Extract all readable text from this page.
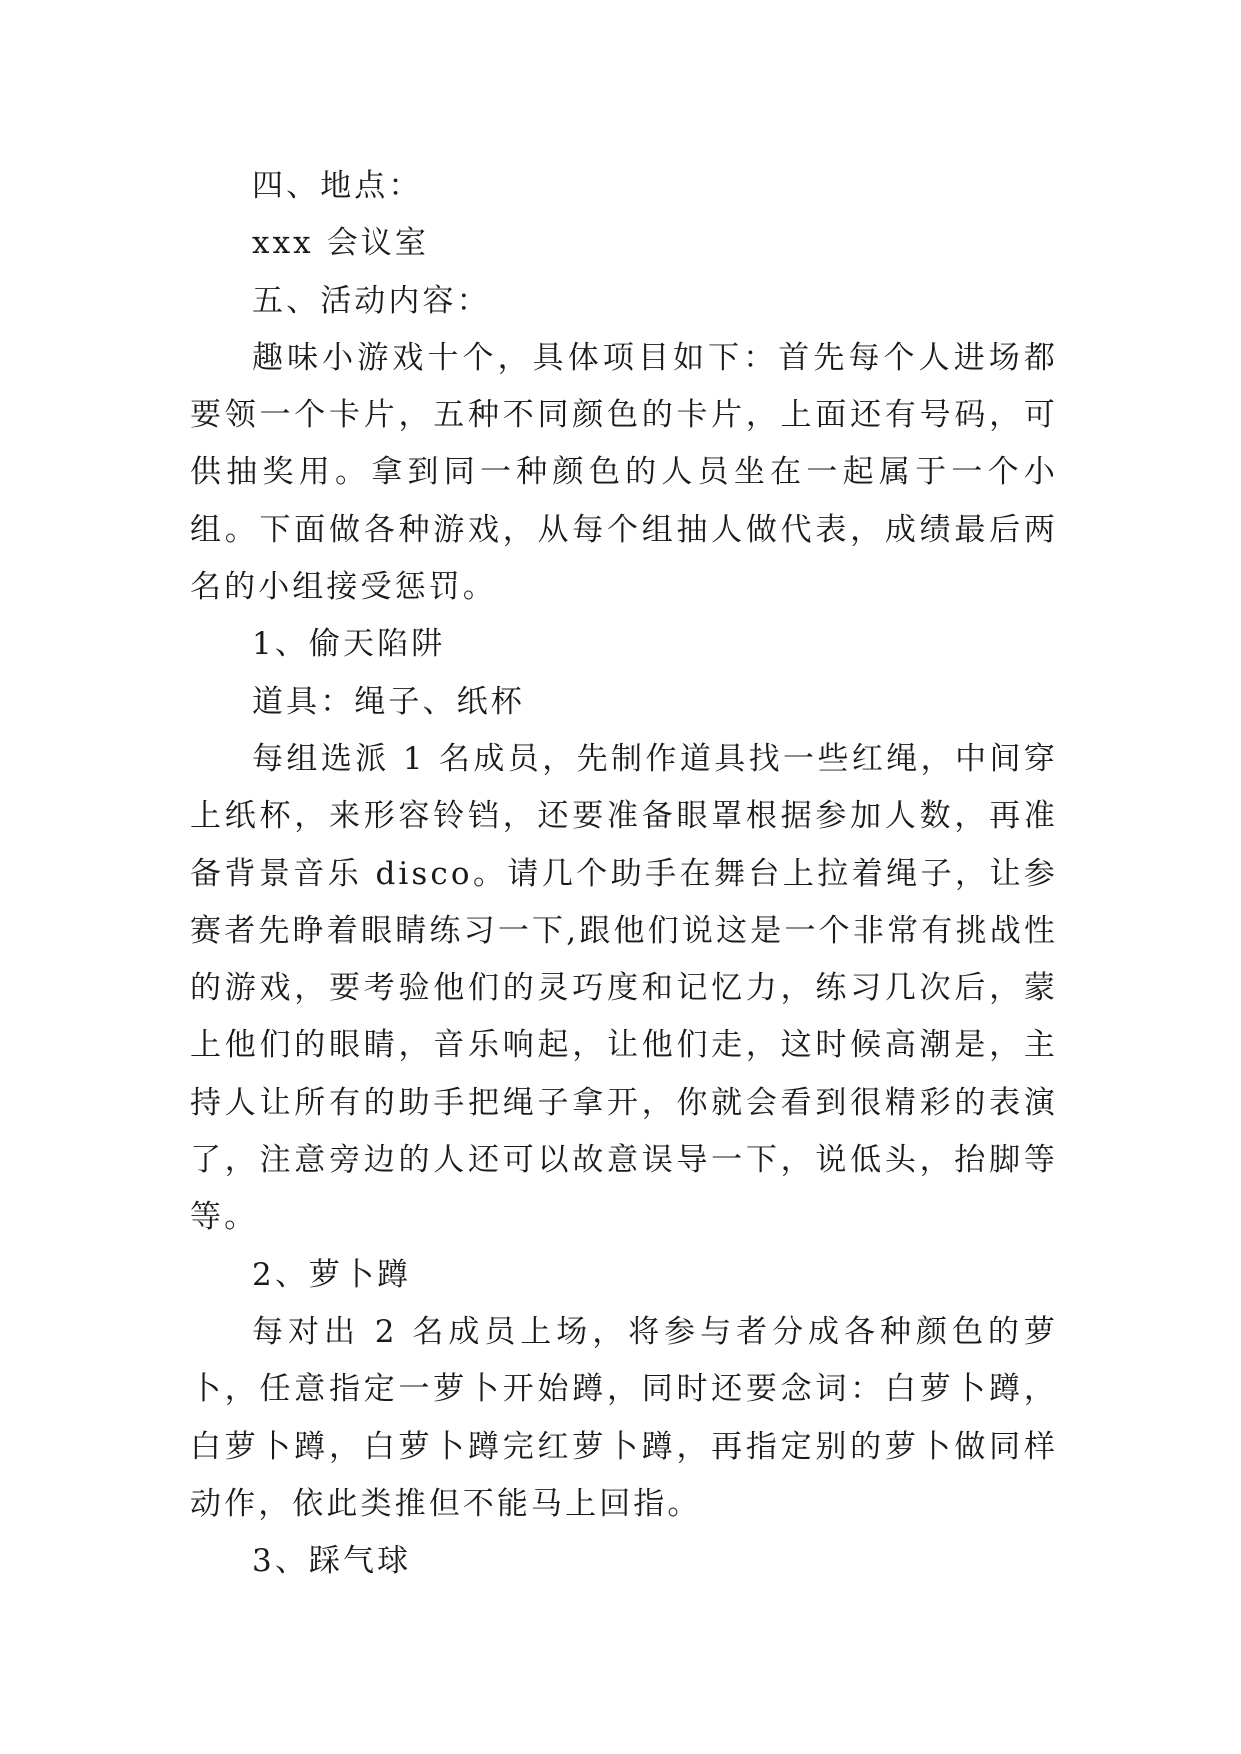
四、地点：

xxx 会议室

五、活动内容：

趣味小游戏十个，具体项目如下：首先每个人进场都要领一个卡片，五种不同颜色的卡片，上面还有号码，可供抽奖用。拿到同一种颜色的人员坐在一起属于一个小组。下面做各种游戏，从每个组抽人做代表，成绩最后两名的小组接受惩罚。

1、偷天陷阱

道具：绳子、纸杯

每组选派 1 名成员，先制作道具找一些红绳，中间穿上纸杯，来形容铃铛，还要准备眼罩根据参加人数，再准备背景音乐 disco。请几个助手在舞台上拉着绳子，让参赛者先睁着眼睛练习一下,跟他们说这是一个非常有挑战性的游戏，要考验他们的灵巧度和记忆力，练习几次后，蒙上他们的眼睛，音乐响起，让他们走，这时候高潮是，主持人让所有的助手把绳子拿开，你就会看到很精彩的表演了，注意旁边的人还可以故意误导一下，说低头，抬脚等等。

2、萝卜蹲

每对出 2 名成员上场，将参与者分成各种颜色的萝卜，任意指定一萝卜开始蹲，同时还要念词：白萝卜蹲，白萝卜蹲，白萝卜蹲完红萝卜蹲，再指定别的萝卜做同样动作，依此类推但不能马上回指。

3、踩气球
